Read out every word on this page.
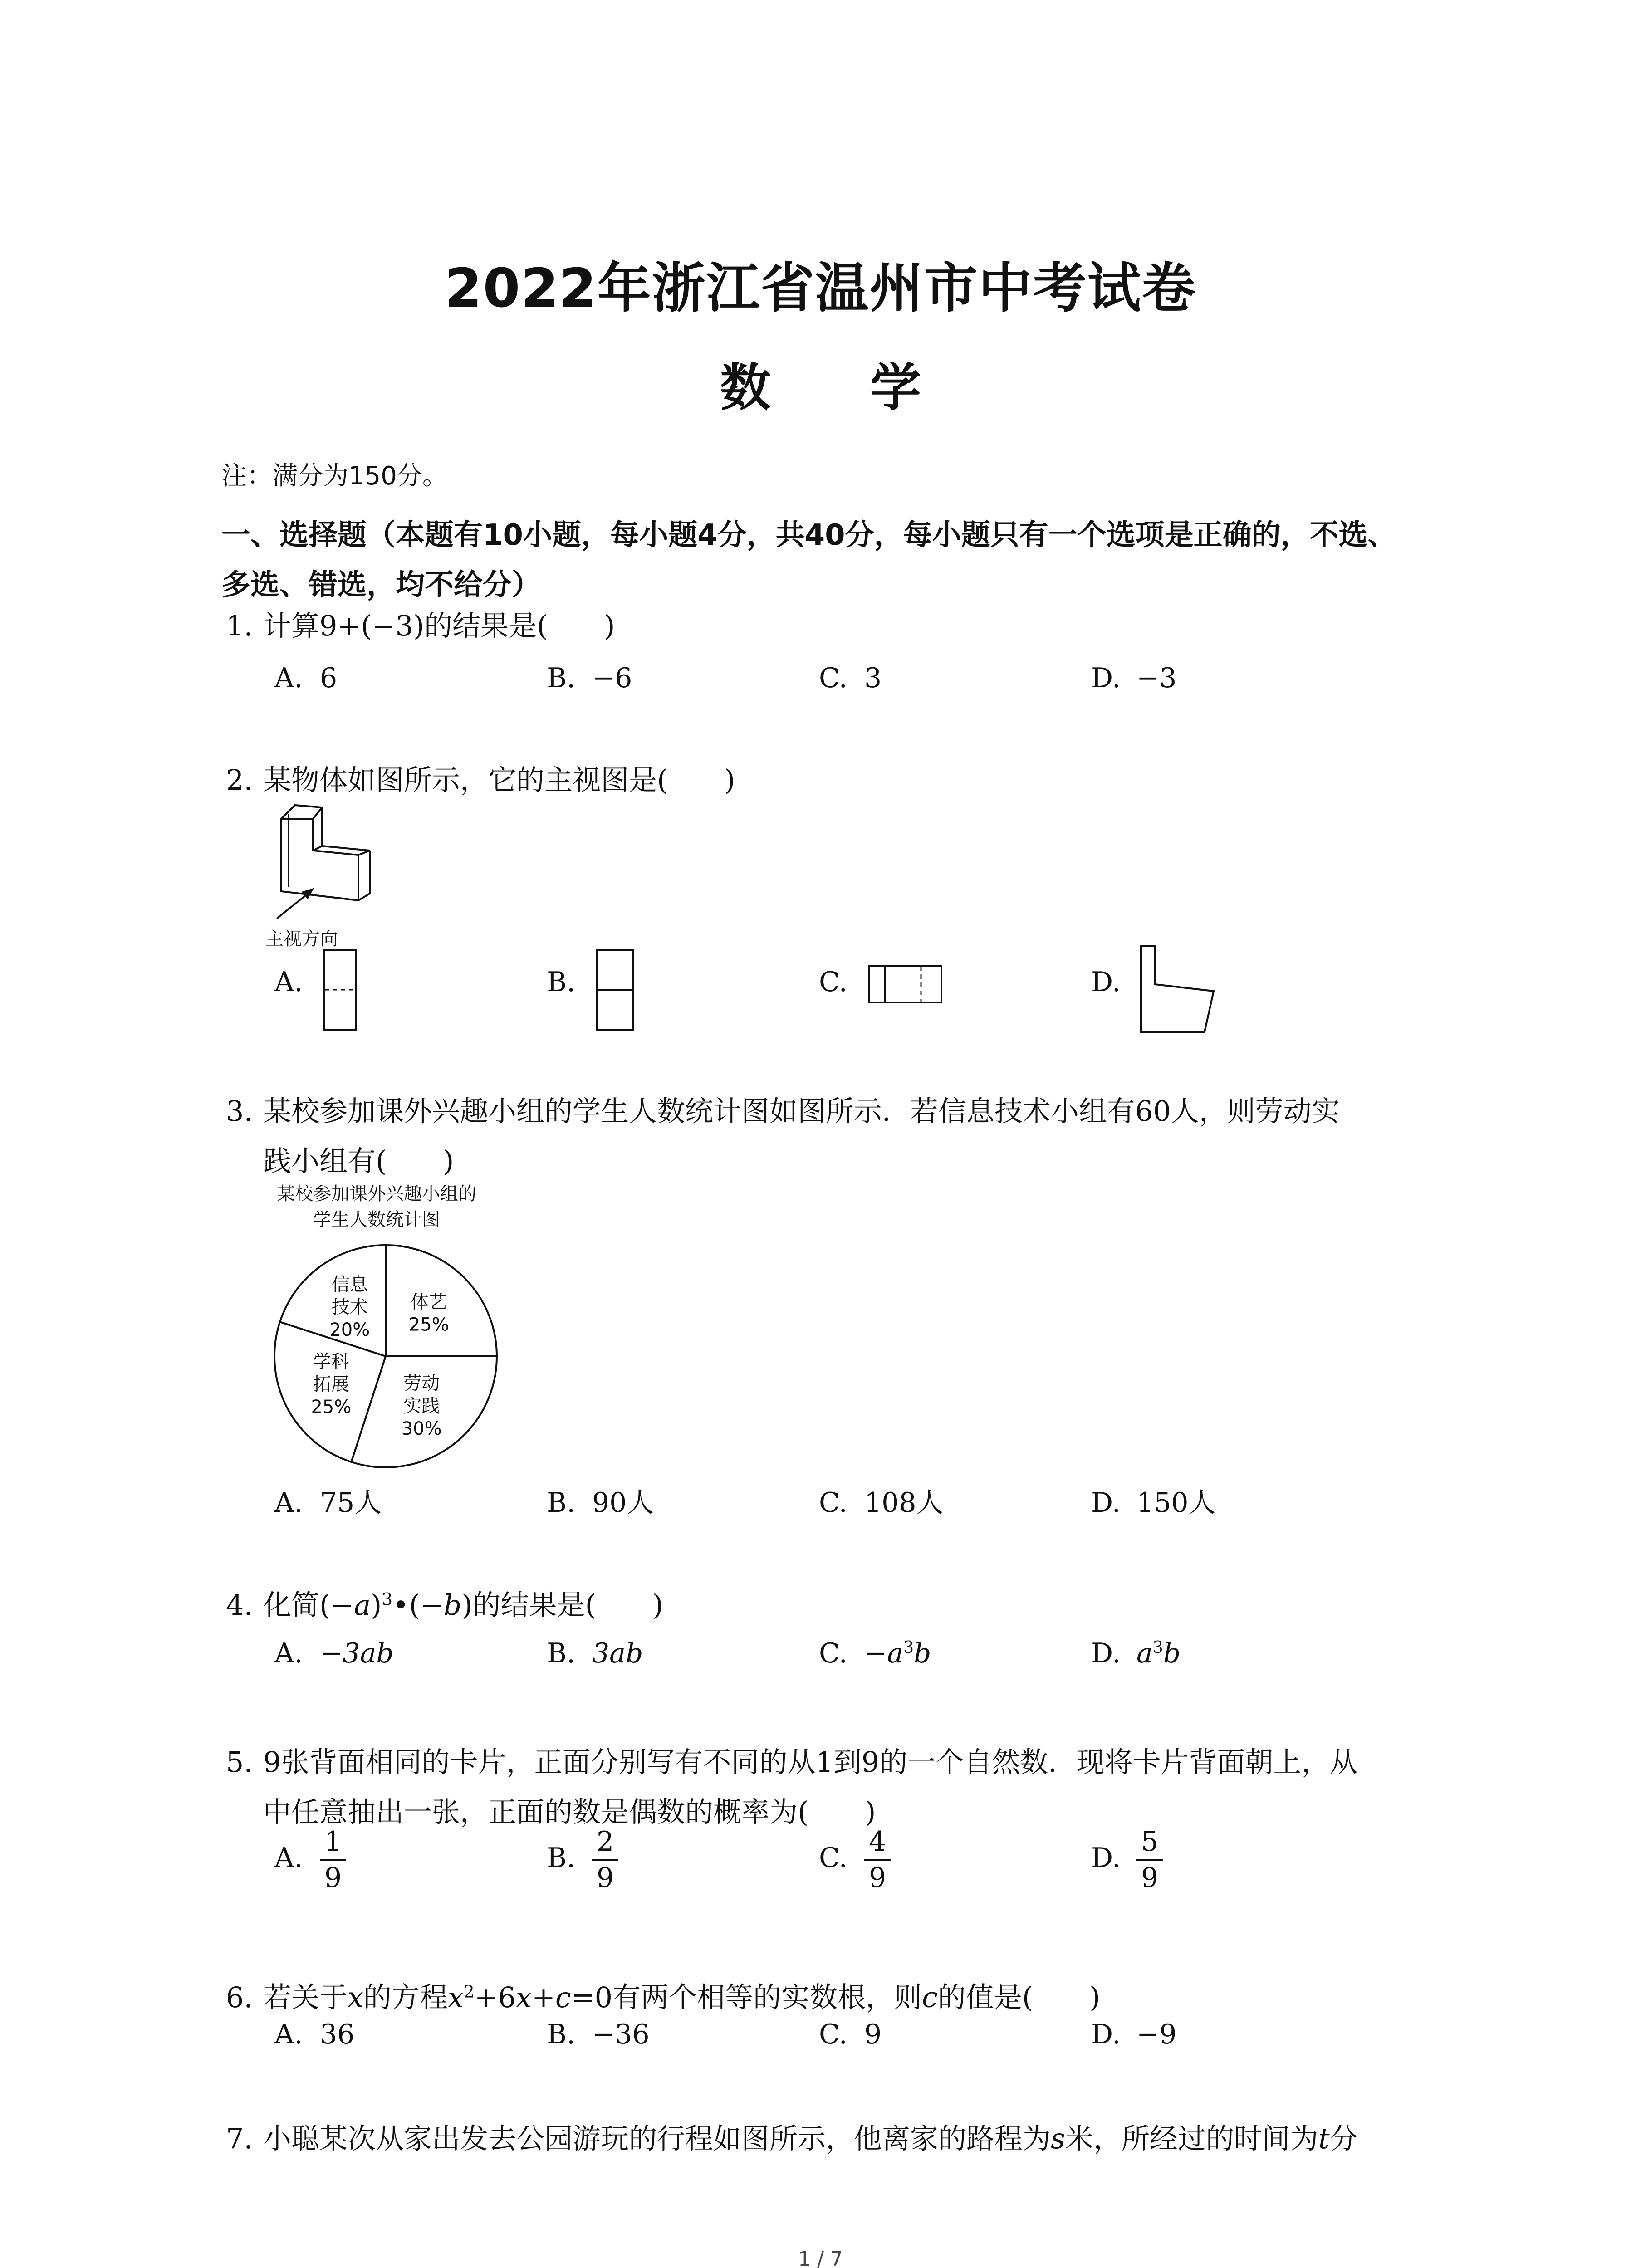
2022年浙江省温州市中考试卷
数 学
注：满分为150分。
一、选择题（本题有10小题，每小题4分，共40分，每小题只有一个选项是正确的，不选、
多选、错选，均不给分）
1. 计算9+(−3)的结果是(　　)
A. 6	B. −6	C. 3	D. −3
2. 某物体如图所示，它的主视图是(　　)
主视方向
A.	B.	C.	D.
3. 某校参加课外兴趣小组的学生人数统计图如图所示．若信息技术小组有60人，则劳动实
践小组有(　　)
某校参加课外兴趣小组的
学生人数统计图
信息
技术
20%
体艺
25%
劳动
实践
30%
学科
拓展
25%
A. 75人	B. 90人	C. 108人	D. 150人
4. 化简$(-a)^3•(-b)$的结果是(　　)
A. −3ab	B. 3ab	C. $-a^3b$	D. $a^3b$
5. 9张背面相同的卡片，正面分别写有不同的从1到9的一个自然数．现将卡片背面朝上，从
中任意抽出一张，正面的数是偶数的概率为(　　)
A. $\frac{1}{9}$	B. $\frac{2}{9}$	C. $\frac{4}{9}$	D. $\frac{5}{9}$
6. 若关于x的方程$x^2+6x+c=0$有两个相等的实数根，则c的值是(　　)
A. 36	B. −36	C. 9	D. −9
7. 小聪某次从家出发去公园游玩的行程如图所示，他离家的路程为s米，所经过的时间为t分
1 / 7
